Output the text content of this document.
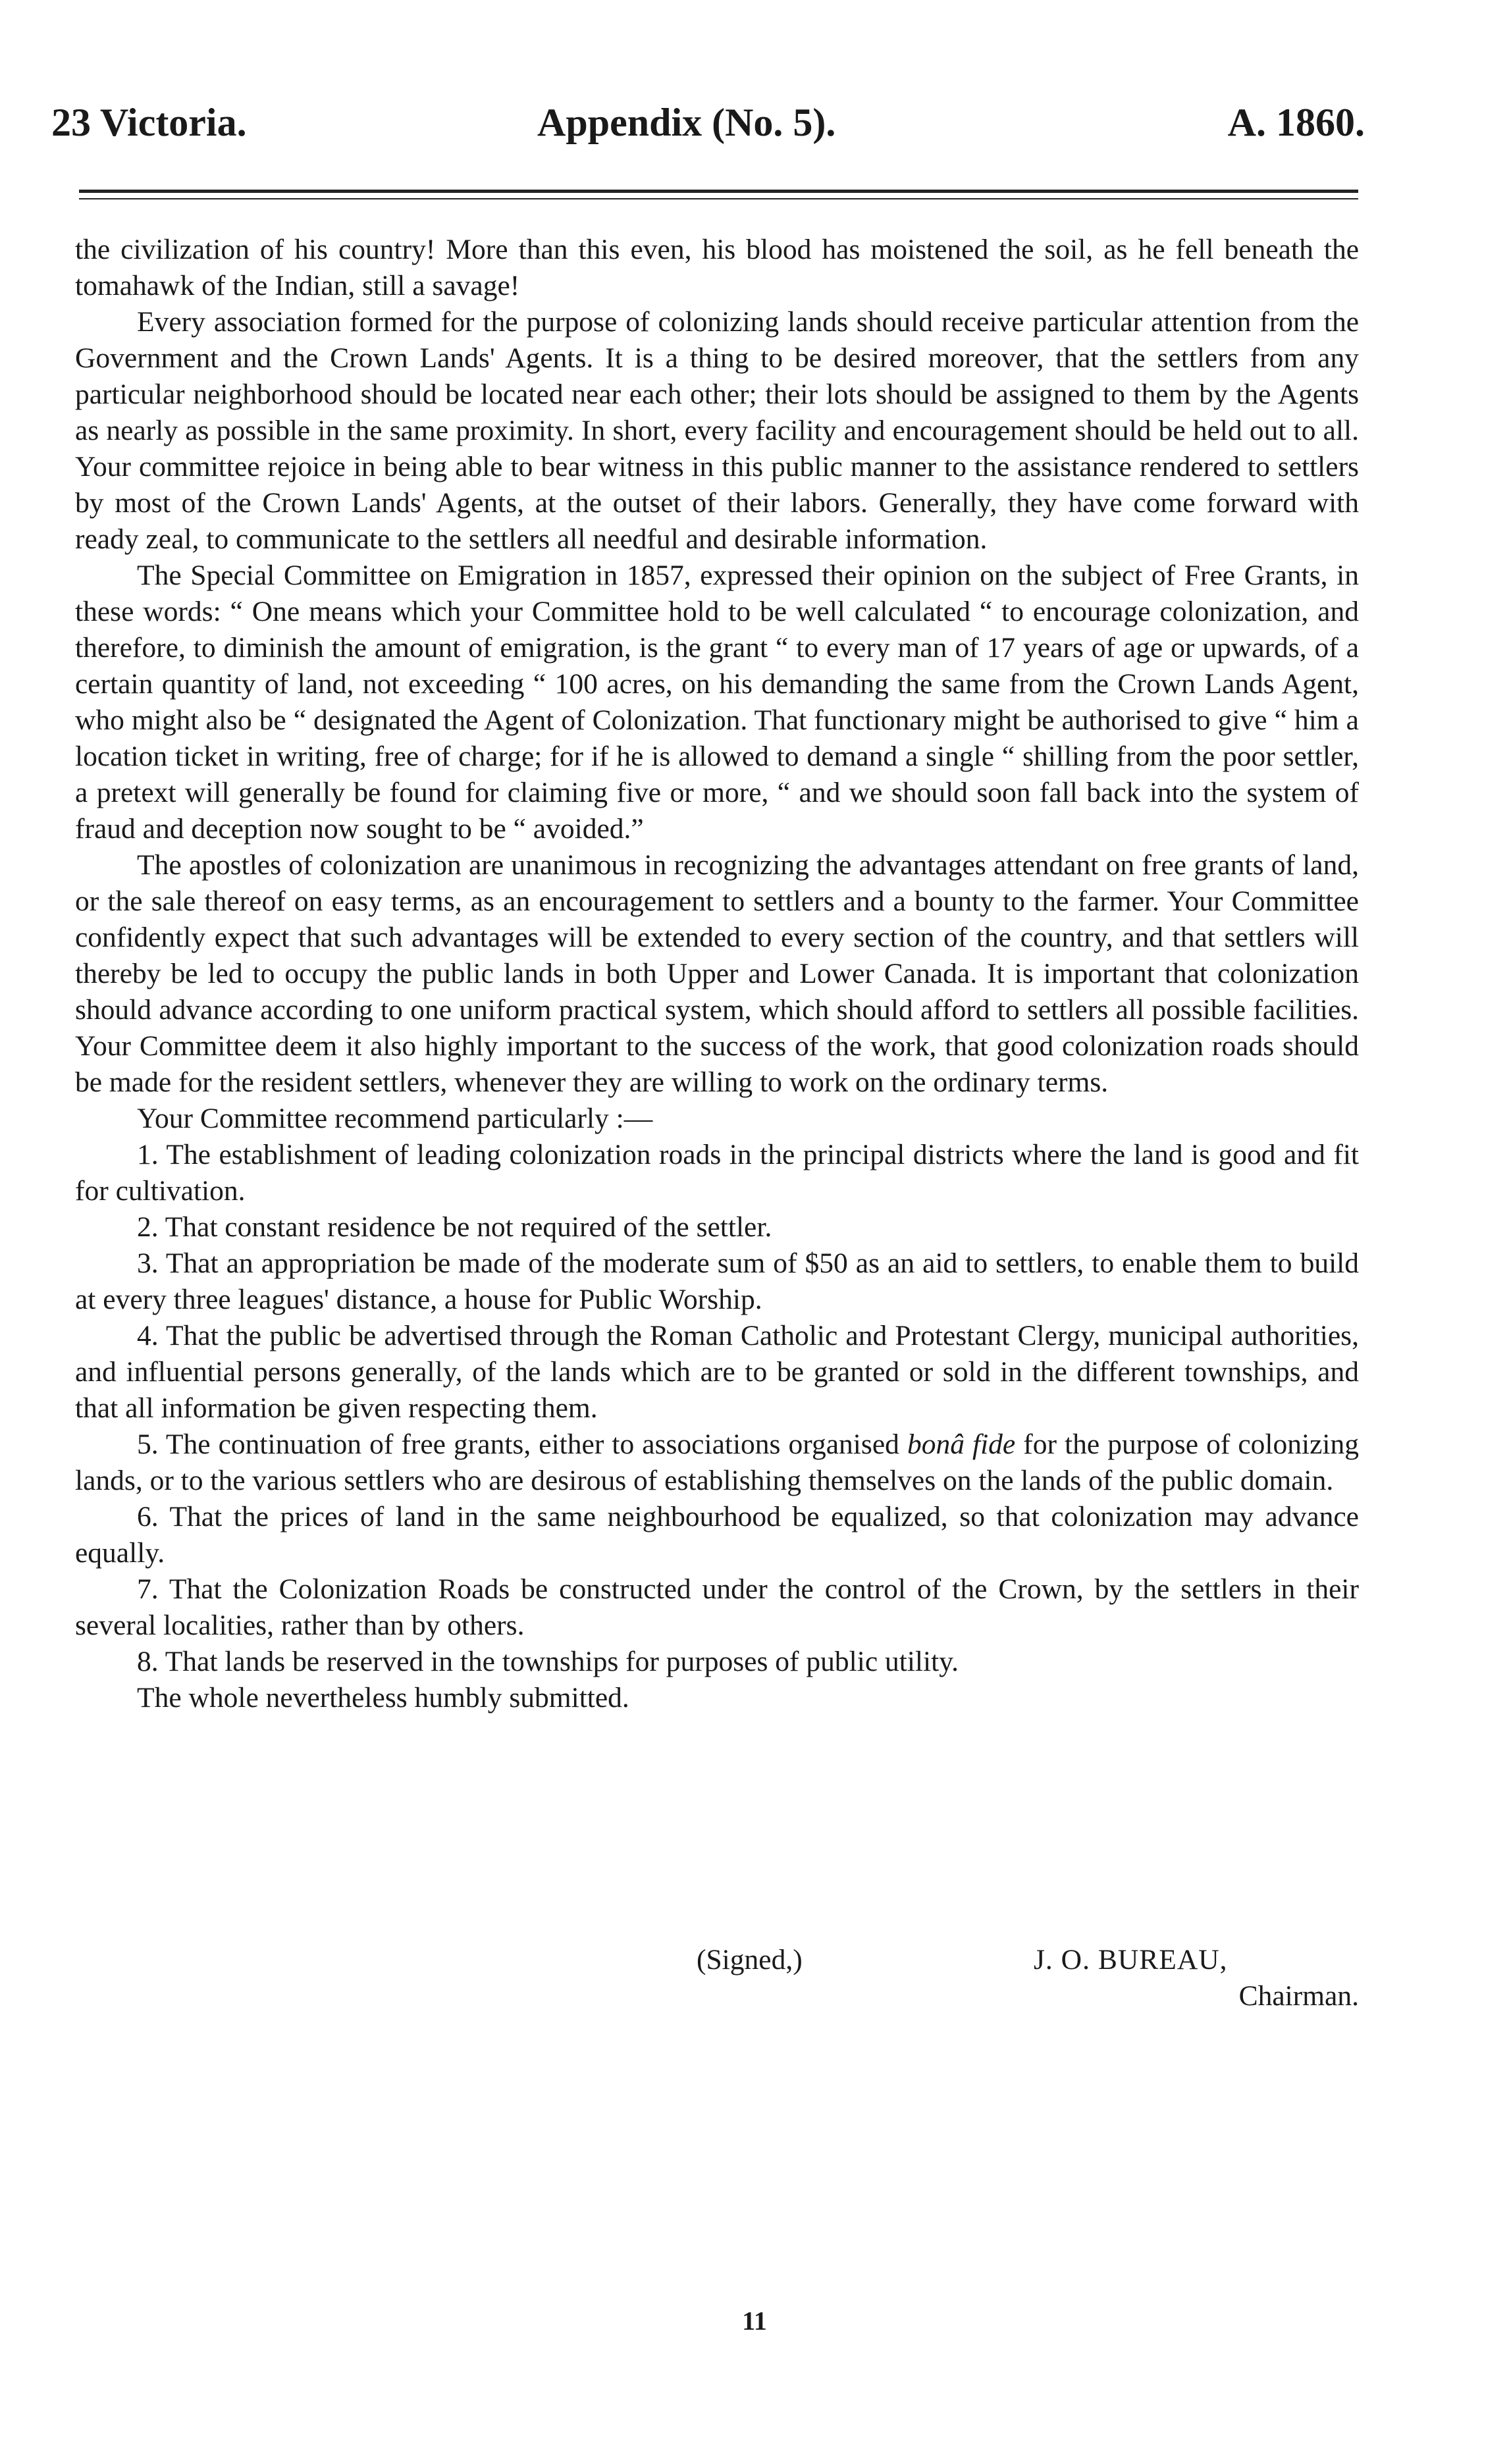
23 Victoria.	Appendix (No. 5).	A. 1860.

the civilization of his country! More than this even, his blood has moistened the soil, as he fell beneath the tomahawk of the Indian, still a savage!

Every association formed for the purpose of colonizing lands should receive particular attention from the Government and the Crown Lands' Agents. It is a thing to be desired moreover, that the settlers from any particular neighborhood should be located near each other; their lots should be assigned to them by the Agents as nearly as possible in the same proximity. In short, every facility and encouragement should be held out to all. Your committee rejoice in being able to bear witness in this public manner to the assistance rendered to settlers by most of the Crown Lands' Agents, at the outset of their labors. Generally, they have come forward with ready zeal, to communicate to the settlers all needful and desirable information.

The Special Committee on Emigration in 1857, expressed their opinion on the subject of Free Grants, in these words: “ One means which your Committee hold to be well calculated “ to encourage colonization, and therefore, to diminish the amount of emigration, is the grant “ to every man of 17 years of age or upwards, of a certain quantity of land, not exceeding “ 100 acres, on his demanding the same from the Crown Lands Agent, who might also be “ designated the Agent of Colonization. That functionary might be authorised to give “ him a location ticket in writing, free of charge; for if he is allowed to demand a single “ shilling from the poor settler, a pretext will generally be found for claiming five or more, “ and we should soon fall back into the system of fraud and deception now sought to be “ avoided.”

The apostles of colonization are unanimous in recognizing the advantages attendant on free grants of land, or the sale thereof on easy terms, as an encouragement to settlers and a bounty to the farmer. Your Committee confidently expect that such advantages will be extended to every section of the country, and that settlers will thereby be led to occupy the public lands in both Upper and Lower Canada. It is important that colonization should advance according to one uniform practical system, which should afford to settlers all possible facilities. Your Committee deem it also highly important to the success of the work, that good colonization roads should be made for the resident settlers, whenever they are willing to work on the ordinary terms.

Your Committee recommend particularly :—

1. The establishment of leading colonization roads in the principal districts where the land is good and fit for cultivation.

2. That constant residence be not required of the settler.

3. That an appropriation be made of the moderate sum of $50 as an aid to settlers, to enable them to build at every three leagues' distance, a house for Public Worship.

4. That the public be advertised through the Roman Catholic and Protestant Clergy, municipal authorities, and influential persons generally, of the lands which are to be granted or sold in the different townships, and that all information be given respecting them.

5. The continuation of free grants, either to associations organised bonâ fide for the purpose of colonizing lands, or to the various settlers who are desirous of establishing themselves on the lands of the public domain.

6. That the prices of land in the same neighbourhood be equalized, so that colonization may advance equally.

7. That the Colonization Roads be constructed under the control of the Crown, by the settlers in their several localities, rather than by others.

8. That lands be reserved in the townships for purposes of public utility.

The whole nevertheless humbly submitted.

(Signed,)	J. O. BUREAU,
Chairman.
11
